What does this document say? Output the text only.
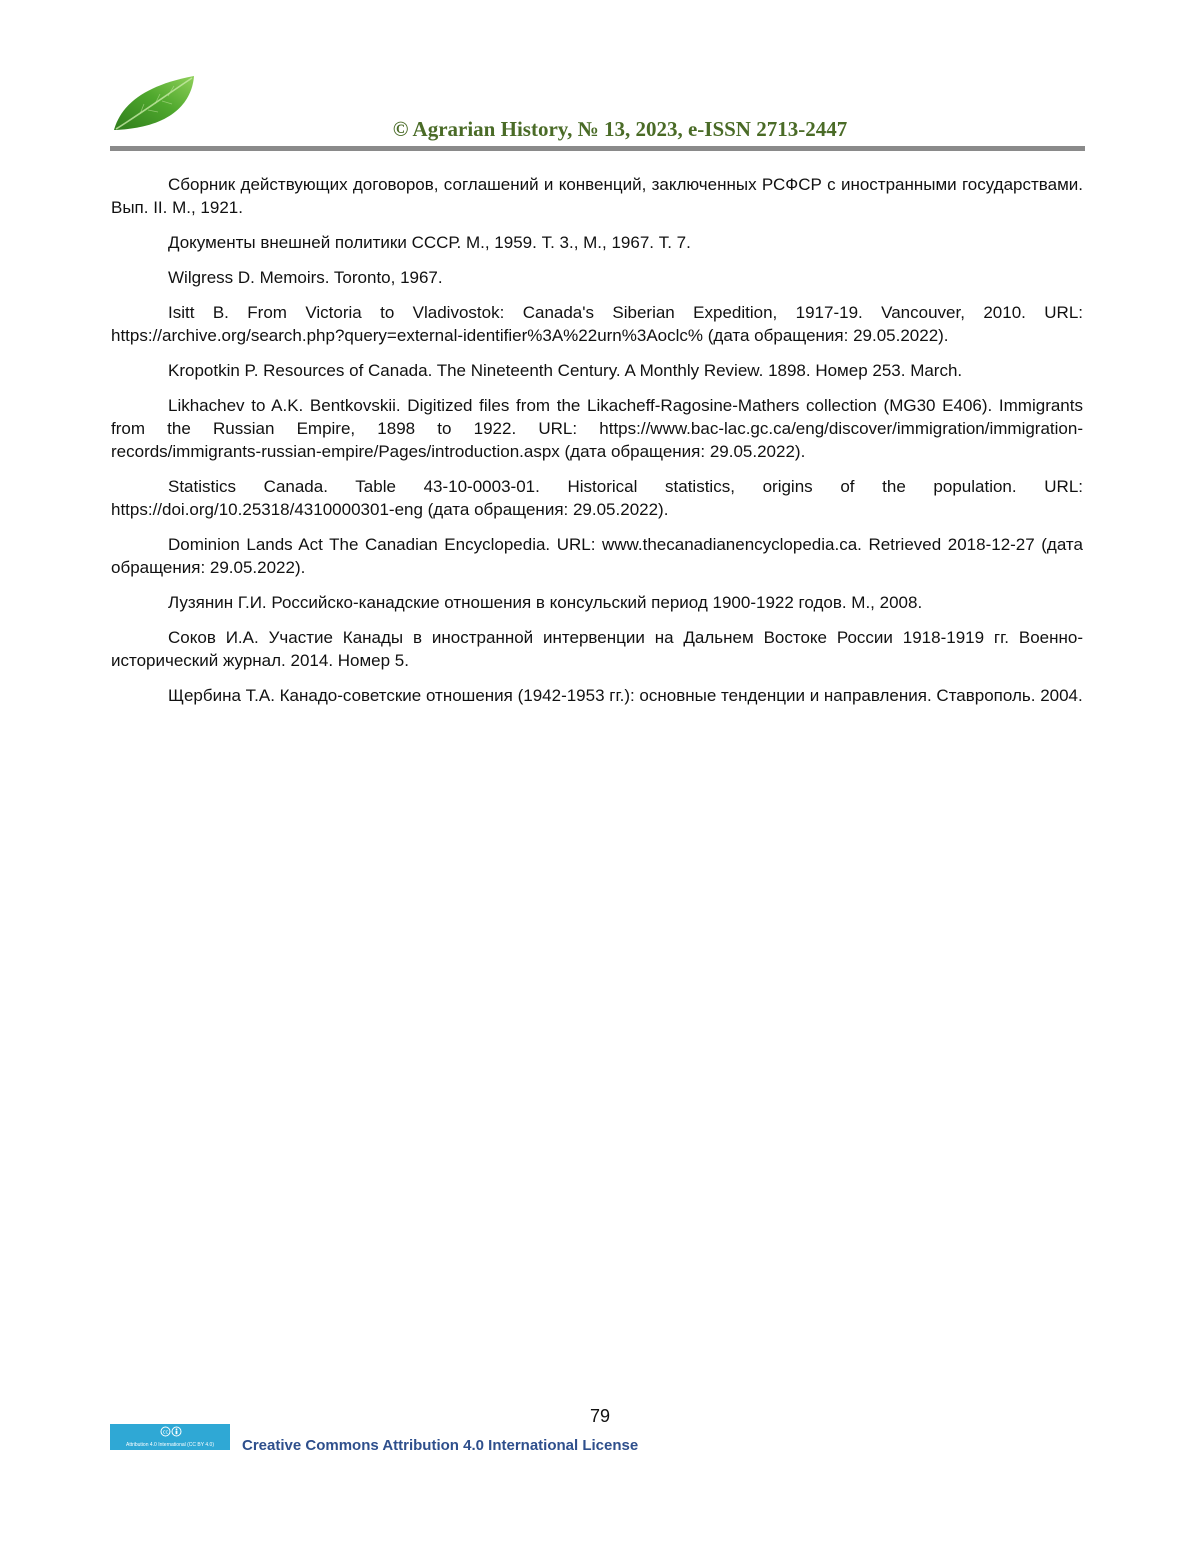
© Agrarian History, № 13, 2023, e-ISSN 2713-2447
Сборник действующих договоров, соглашений и конвенций, заключенных РСФСР с иностранными государствами. Вып. II. М., 1921.
Документы внешней политики СССР. М., 1959. Т. 3., М., 1967. Т. 7.
Wilgress D. Memoirs. Toronto, 1967.
Isitt B. From Victoria to Vladivostok: Canada's Siberian Expedition, 1917-19. Vancouver, 2010. URL: https://archive.org/search.php?query=external-identifier%3A%22urn%3Aoclc% (дата обращения: 29.05.2022).
Kropotkin P. Resources of Canada. The Nineteenth Century. A Monthly Review. 1898. Номер 253. March.
Likhachev to A.K. Bentkovskii. Digitized files from the Likacheff-Ragosine-Mathers collection (MG30 E406). Immigrants from the Russian Empire, 1898 to 1922. URL: https://www.bac-lac.gc.ca/eng/discover/immigration/immigration-records/immigrants-russian-empire/Pages/introduction.aspx (дата обращения: 29.05.2022).
Statistics Canada. Table 43-10-0003-01. Historical statistics, origins of the population. URL: https://doi.org/10.25318/4310000301-eng (дата обращения: 29.05.2022).
Dominion Lands Act The Canadian Encyclopedia. URL: www.thecanadianencyclopedia.ca. Retrieved 2018-12-27 (дата обращения: 29.05.2022).
Лузянин Г.И. Российско-канадские отношения в консульский период 1900-1922 годов. М., 2008.
Соков И.А. Участие Канады в иностранной интервенции на Дальнем Востоке России 1918-1919 гг. Военно-исторический журнал. 2014. Номер 5.
Щербина Т.А. Канадо-советские отношения (1942-1953 гг.): основные тенденции и направления. Ставрополь. 2004.
79
cc
Attribution 4.0 International (CC BY 4.0)	Creative Commons Attribution 4.0 International License
